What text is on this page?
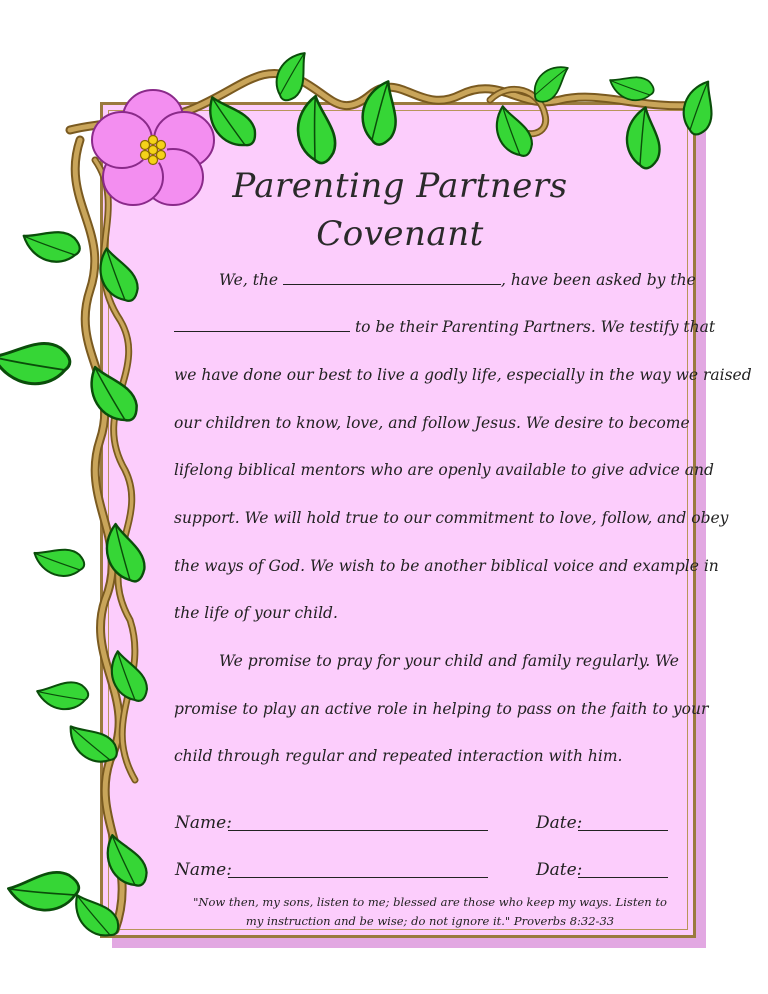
Parenting Partners
Covenant
We, the	, have been asked by the
to be their Parenting Partners. We testify that
we have done our best to live a godly life, especially in the way we raised
our children to know, love, and follow Jesus. We desire to become
lifelong biblical mentors who are openly available to give advice and
support. We will hold true to our commitment to love, follow, and obey
the ways of God. We wish to be another biblical voice and example in
the life of your child.
We promise to pray for your child and family regularly. We
promise to play an active role in helping to pass on the faith to your
child through regular and repeated interaction with him.
Name:	Date:
Name:	Date:
"Now then, my sons, listen to me; blessed are those who keep my ways. Listen to
my instruction and be wise; do not ignore it." Proverbs 8:32-33
